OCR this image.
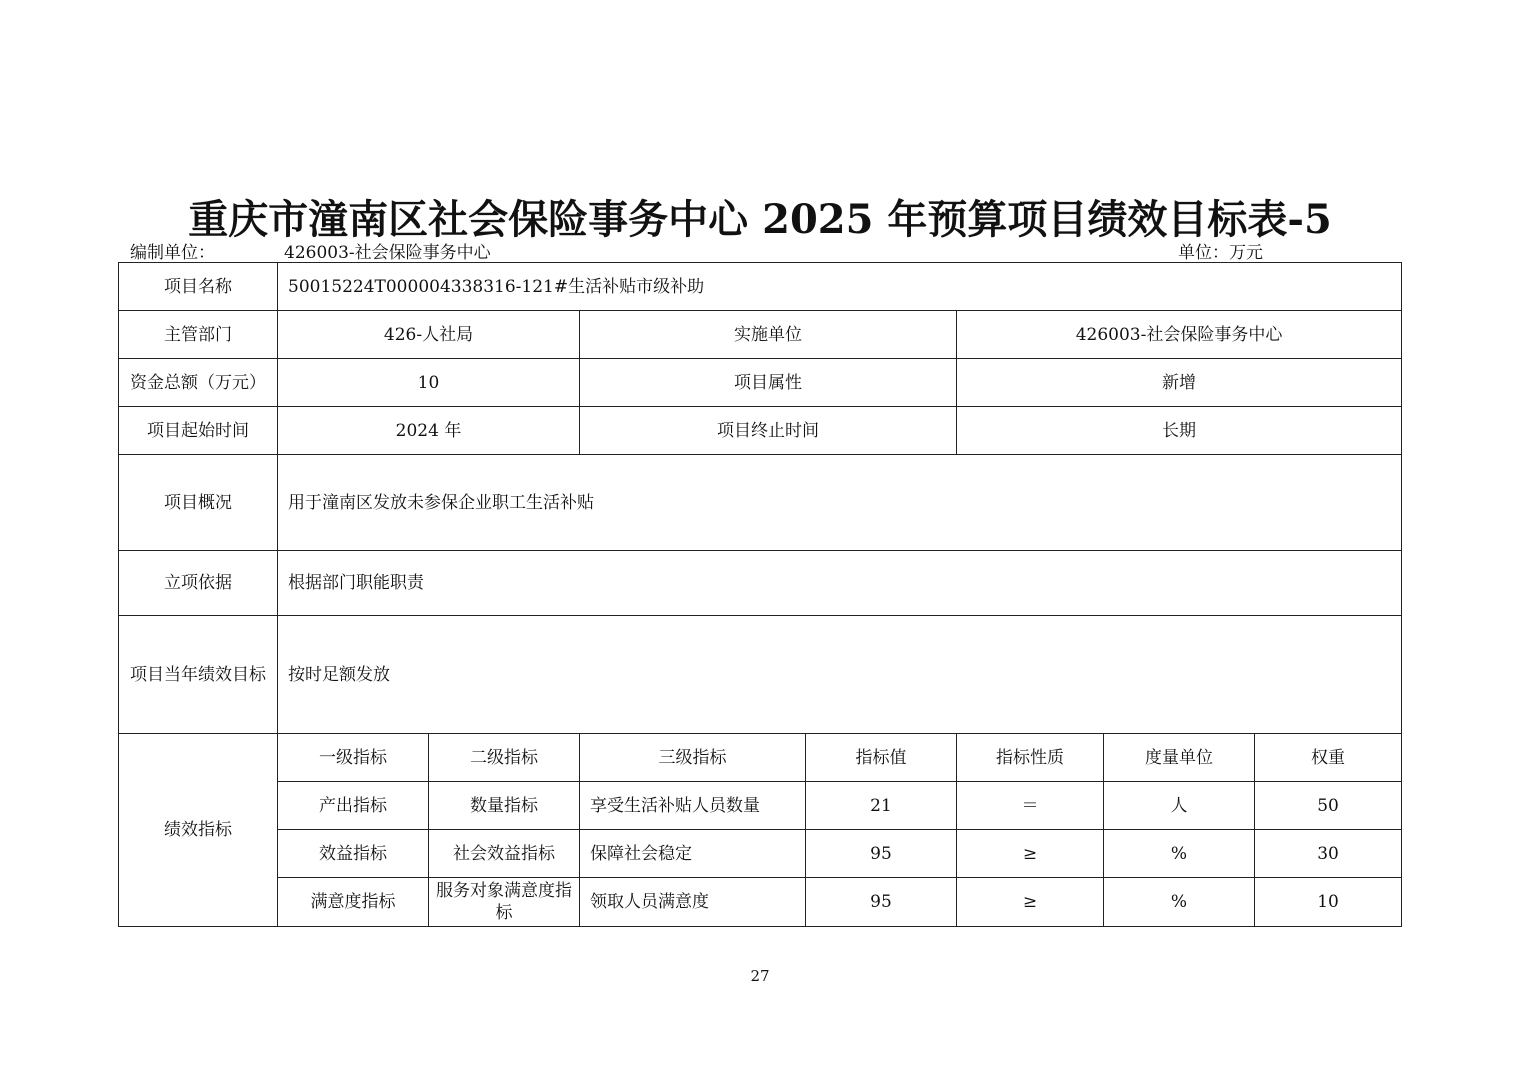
重庆市潼南区社会保险事务中心 2025 年预算项目绩效目标表-5
编制单位：	426003-社会保险事务中心	单位：万元
项目名称	50015224T000004338316-121#生活补贴市级补助						
主管部门	426-人社局		实施单位		426003-社会保险事务中心		
资金总额（万元）	10		项目属性		新增		
项目起始时间	2024 年		项目终止时间		长期		
项目概况	用于潼南区发放未参保企业职工生活补贴						
立项依据	根据部门职能职责						
项目当年绩效目标	按时足额发放						
绩效指标	一级指标	二级指标	三级指标	指标值	指标性质	度量单位	权重
	产出指标	数量指标	享受生活补贴人员数量	21	＝	人	50
	效益指标	社会效益指标	保障社会稳定	95	≥	%	30
	满意度指标	服务对象满意度指标	领取人员满意度	95	≥	%	10
27
